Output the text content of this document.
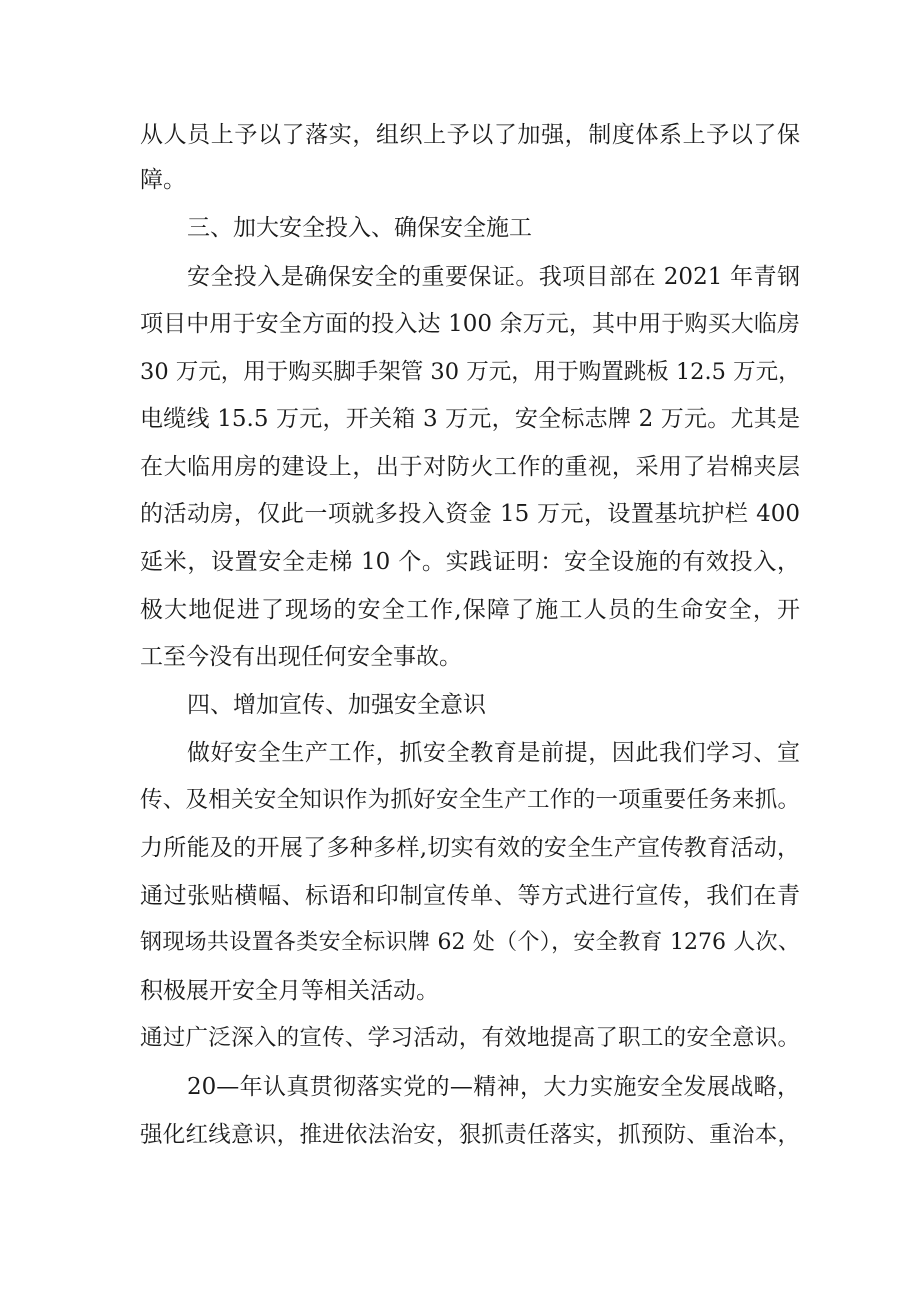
从人员上予以了落实，组织上予以了加强，制度体系上予以了保
障。
三、加大安全投入、确保安全施工
安全投入是确保安全的重要保证。我项目部在 2021 年青钢
项目中用于安全方面的投入达 100 余万元，其中用于购买大临房
30 万元，用于购买脚手架管 30 万元，用于购置跳板 12.5 万元，
电缆线 15.5 万元，开关箱 3 万元，安全标志牌 2 万元。尤其是
在大临用房的建设上，出于对防火工作的重视，采用了岩棉夹层
的活动房，仅此一项就多投入资金 15 万元，设置基坑护栏 400
延米，设置安全走梯 10 个。实践证明：安全设施的有效投入，
极大地促进了现场的安全工作,保障了施工人员的生命安全，开
工至今没有出现任何安全事故。
四、增加宣传、加强安全意识
做好安全生产工作，抓安全教育是前提，因此我们学习、宣
传、及相关安全知识作为抓好安全生产工作的一项重要任务来抓。
力所能及的开展了多种多样,切实有效的安全生产宣传教育活动，
通过张贴横幅、标语和印制宣传单、等方式进行宣传，我们在青
钢现场共设置各类安全标识牌 62 处（个），安全教育 1276 人次、
积极展开安全月等相关活动。
通过广泛深入的宣传、学习活动，有效地提高了职工的安全意识。
20—年认真贯彻落实党的—精神，大力实施安全发展战略，
强化红线意识，推进依法治安，狠抓责任落实，抓预防、重治本，
